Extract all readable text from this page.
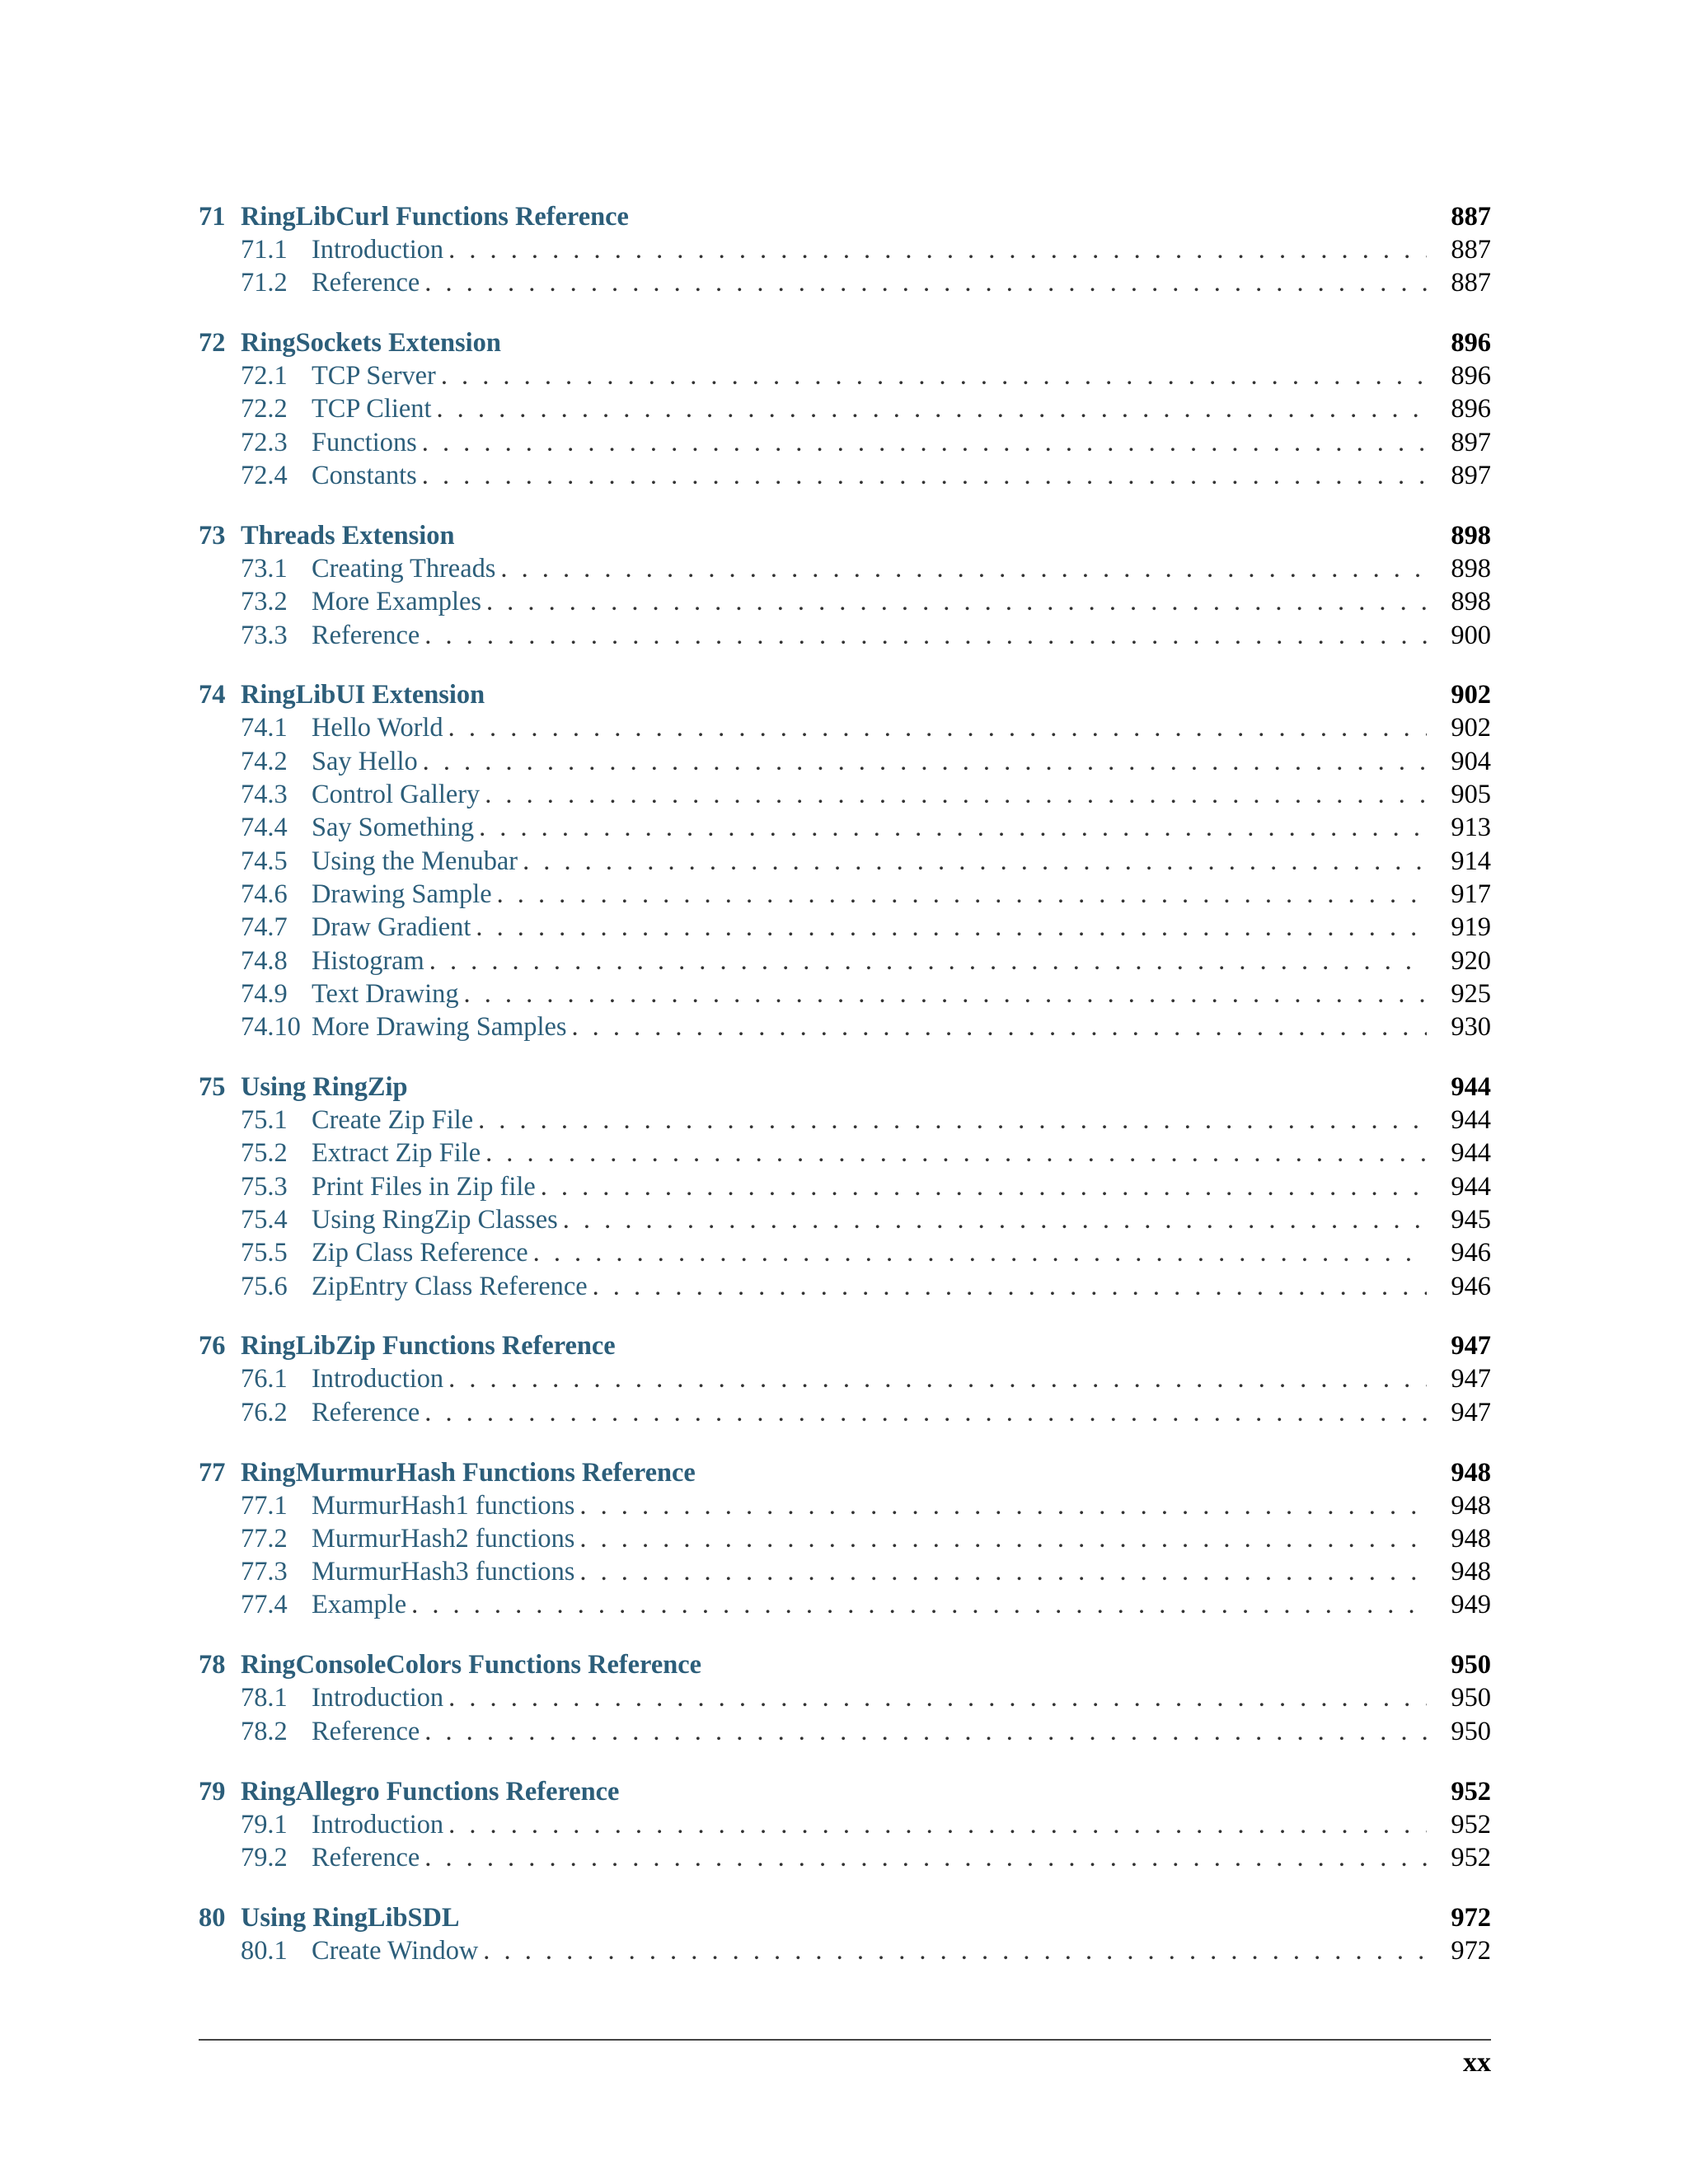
71 RingLibCurl Functions Reference	887
71.1 Introduction . . .	887
71.2 Reference . . .	887
72 RingSockets Extension	896
72.1 TCP Server . . .	896
72.2 TCP Client . . .	896
72.3 Functions . . .	897
72.4 Constants . . .	897
73 Threads Extension	898
73.1 Creating Threads . . .	898
73.2 More Examples . . .	898
73.3 Reference . . .	900
74 RingLibUI Extension	902
74.1 Hello World . . .	902
74.2 Say Hello . . .	904
74.3 Control Gallery . . .	905
74.4 Say Something . . .	913
74.5 Using the Menubar . . .	914
74.6 Drawing Sample . . .	917
74.7 Draw Gradient . . .	919
74.8 Histogram . . .	920
74.9 Text Drawing . . .	925
74.10 More Drawing Samples . . .	930
75 Using RingZip	944
75.1 Create Zip File . . .	944
75.2 Extract Zip File . . .	944
75.3 Print Files in Zip file . . .	944
75.4 Using RingZip Classes . . .	945
75.5 Zip Class Reference . . .	946
75.6 ZipEntry Class Reference . . .	946
76 RingLibZip Functions Reference	947
76.1 Introduction . . .	947
76.2 Reference . . .	947
77 RingMurmurHash Functions Reference	948
77.1 MurmurHash1 functions . . .	948
77.2 MurmurHash2 functions . . .	948
77.3 MurmurHash3 functions . . .	948
77.4 Example . . .	949
78 RingConsoleColors Functions Reference	950
78.1 Introduction . . .	950
78.2 Reference . . .	950
79 RingAllegro Functions Reference	952
79.1 Introduction . . .	952
79.2 Reference . . .	952
80 Using RingLibSDL	972
80.1 Create Window . . .	972
xx
